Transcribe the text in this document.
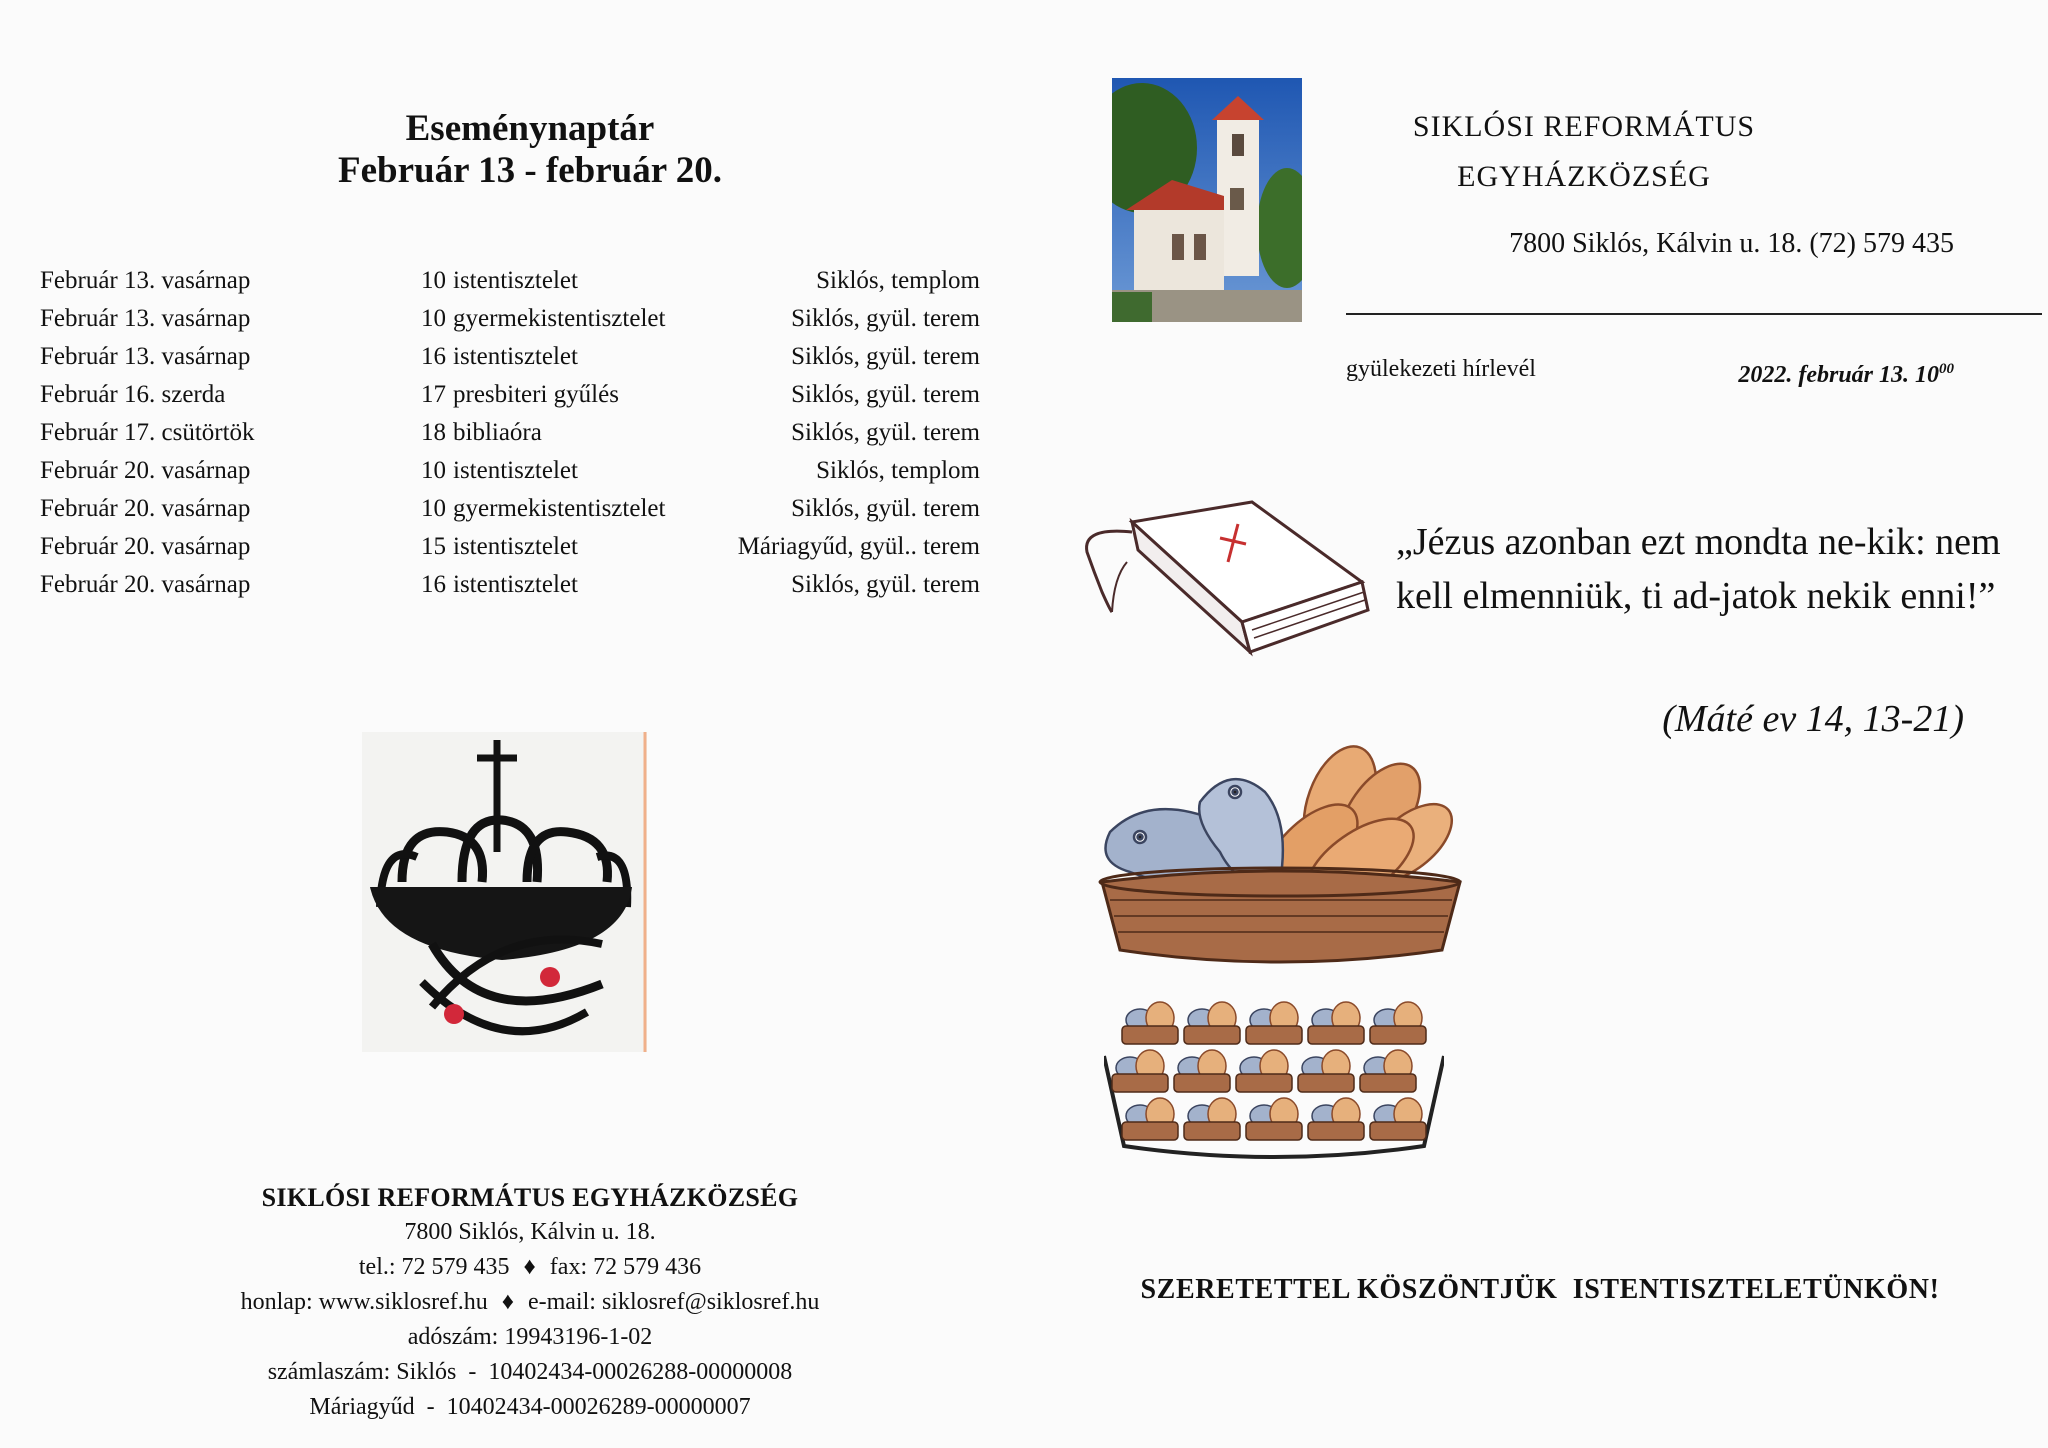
Eseménynaptár
Február 13 - február 20.
Február 13. vasárnap	10 istentisztelet	Siklós, templom
Február 13. vasárnap	10 gyermekistentisztelet	Siklós, gyül. terem
Február 13. vasárnap	16 istentisztelet	Siklós, gyül. terem
Február 16. szerda	17 presbiteri gyűlés	Siklós, gyül. terem
Február 17. csütörtök	18 bibliaóra	Siklós, gyül. terem
Február 20. vasárnap	10 istentisztelet	Siklós, templom
Február 20. vasárnap	10 gyermekistentisztelet	Siklós, gyül. terem
Február 20. vasárnap	15 istentisztelet	Máriagyűd, gyül.. terem
Február 20. vasárnap	16 istentisztelet	Siklós, gyül. terem
SIKLÓSI REFORMÁTUS EGYHÁZKÖZSÉG
7800 Siklós, Kálvin u. 18.
tel.: 72 579 435 ♦ fax: 72 579 436
honlap: www.siklosref.hu ♦ e-mail: siklosref@siklosref.hu
adószám: 19943196-1-02
számlaszám: Siklós  -  10402434-00026288-00000008
Máriagyűd  -  10402434-00026289-00000007
SIKLÓSI REFORMÁTUS
EGYHÁZKÖZSÉG
7800 Siklós, Kálvin u. 18. (72) 579 435
gyülekezeti hírlevél	2022. február 13. $10^{00}$
„Jézus azonban ezt mondta ne-kik: nem kell elmenniük, ti ad-jatok nekik enni!”
(Máté ev 14, 13-21)
SZERETETTEL KÖSZÖNTJÜK  ISTENTISZTELETÜNKÖN!
